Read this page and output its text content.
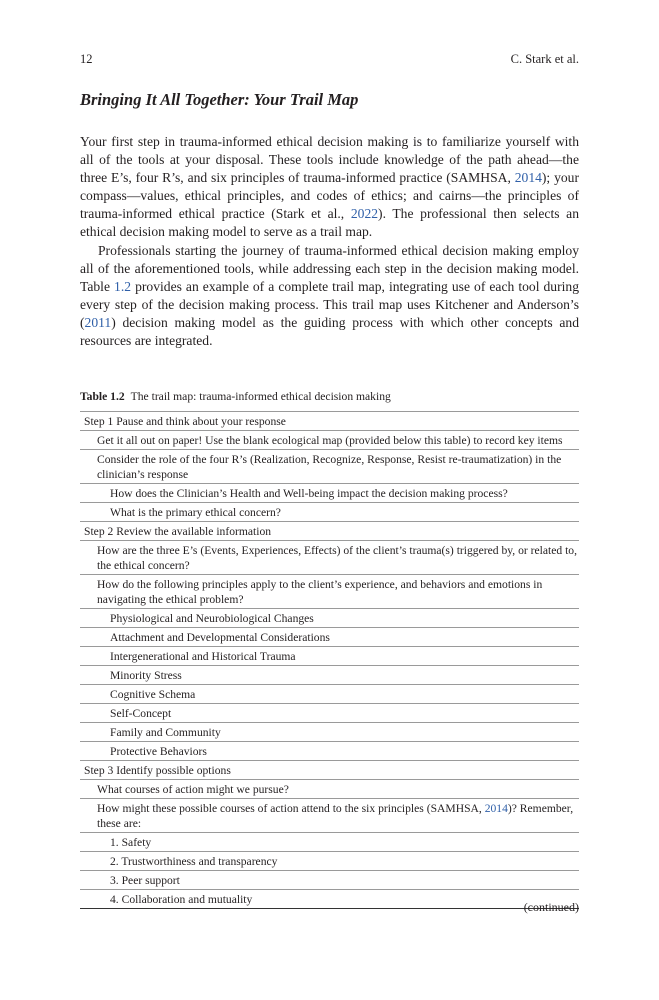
12	C. Stark et al.
Bringing It All Together: Your Trail Map

Your first step in trauma-informed ethical decision making is to familiarize yourself with all of the tools at your disposal. These tools include knowledge of the path ahead—the three E’s, four R’s, and six principles of trauma-informed practice (SAMHSA, 2014); your compass—values, ethical principles, and codes of ethics; and cairns—the principles of trauma-informed ethical practice (Stark et al., 2022). The professional then selects an ethical decision making model to serve as a trail map.

Professionals starting the journey of trauma-informed ethical decision making employ all of the aforementioned tools, while addressing each step in the decision making model. Table 1.2 provides an example of a complete trail map, integrating use of each tool during every step of the decision making process. This trail map uses Kitchener and Anderson’s (2011) decision making model as the guiding process with which other concepts and resources are integrated.

Table 1.2 The trail map: trauma-informed ethical decision making
Step 1 Pause and think about your response
Get it all out on paper! Use the blank ecological map (provided below this table) to record key items
Consider the role of the four R’s (Realization, Recognize, Response, Resist re-traumatization) in the clinician’s response
How does the Clinician’s Health and Well-being impact the decision making process?
What is the primary ethical concern?
Step 2 Review the available information
How are the three E’s (Events, Experiences, Effects) of the client’s trauma(s) triggered by, or related to, the ethical concern?
How do the following principles apply to the client’s experience, and behaviors and emotions in navigating the ethical problem?
Physiological and Neurobiological Changes
Attachment and Developmental Considerations
Intergenerational and Historical Trauma
Minority Stress
Cognitive Schema
Self-Concept
Family and Community
Protective Behaviors
Step 3 Identify possible options
What courses of action might we pursue?
How might these possible courses of action attend to the six principles (SAMHSA, 2014)? Remember, these are:
1. Safety
2. Trustworthiness and transparency
3. Peer support
4. Collaboration and mutuality
(continued)
